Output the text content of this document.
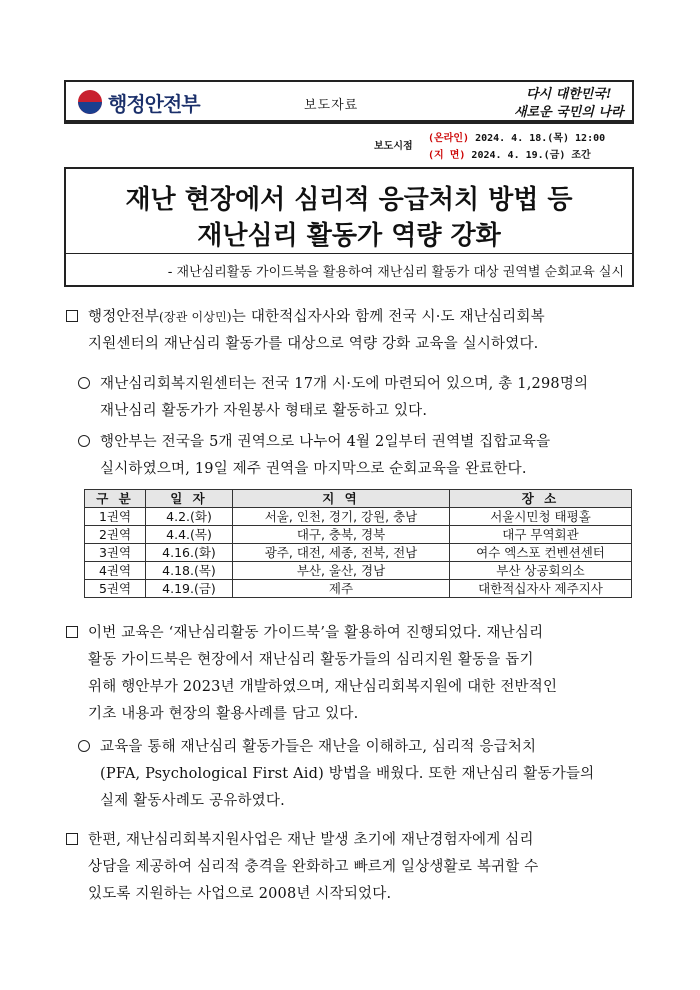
행정안전부	보도자료
다시 대한민국!
새로운 국민의 나라
보도시점
(온라인) 2024. 4. 18.(목) 12:00
(지 면) 2024. 4. 19.(금) 조간
재난 현장에서 심리적 응급처치 방법 등
재난심리 활동가 역량 강화
- 재난심리활동 가이드북을 활용하여 재난심리 활동가 대상 권역별 순회교육 실시
행정안전부(장관 이상민)는 대한적십자사와 함께 전국 시·도 재난심리회복
지원센터의 재난심리 활동가를 대상으로 역량 강화 교육을 실시하였다.
재난심리회복지원센터는 전국 17개 시·도에 마련되어 있으며, 총 1,298명의
재난심리 활동가가 자원봉사 형태로 활동하고 있다.
행안부는 전국을 5개 권역으로 나누어 4월 2일부터 권역별 집합교육을
실시하였으며, 19일 제주 권역을 마지막으로 순회교육을 완료한다.
구 분	일 자	지 역	장 소
1권역	4.2.(화)	서울, 인천, 경기, 강원, 충남	서울시민청 태평홀
2권역	4.4.(목)	대구, 충북, 경북	대구 무역회관
3권역	4.16.(화)	광주, 대전, 세종, 전북, 전남	여수 엑스포 컨벤션센터
4권역	4.18.(목)	부산, 울산, 경남	부산 상공회의소
5권역	4.19.(금)	제주	대한적십자사 제주지사
이번 교육은 ‘재난심리활동 가이드북’을 활용하여 진행되었다. 재난심리
활동 가이드북은 현장에서 재난심리 활동가들의 심리지원 활동을 돕기
위해 행안부가 2023년 개발하였으며, 재난심리회복지원에 대한 전반적인
기초 내용과 현장의 활용사례를 담고 있다.
교육을 통해 재난심리 활동가들은 재난을 이해하고, 심리적 응급처치
(PFA, Psychological First Aid) 방법을 배웠다. 또한 재난심리 활동가들의
실제 활동사례도 공유하였다.
한편, 재난심리회복지원사업은 재난 발생 초기에 재난경험자에게 심리
상담을 제공하여 심리적 충격을 완화하고 빠르게 일상생활로 복귀할 수
있도록 지원하는 사업으로 2008년 시작되었다.
